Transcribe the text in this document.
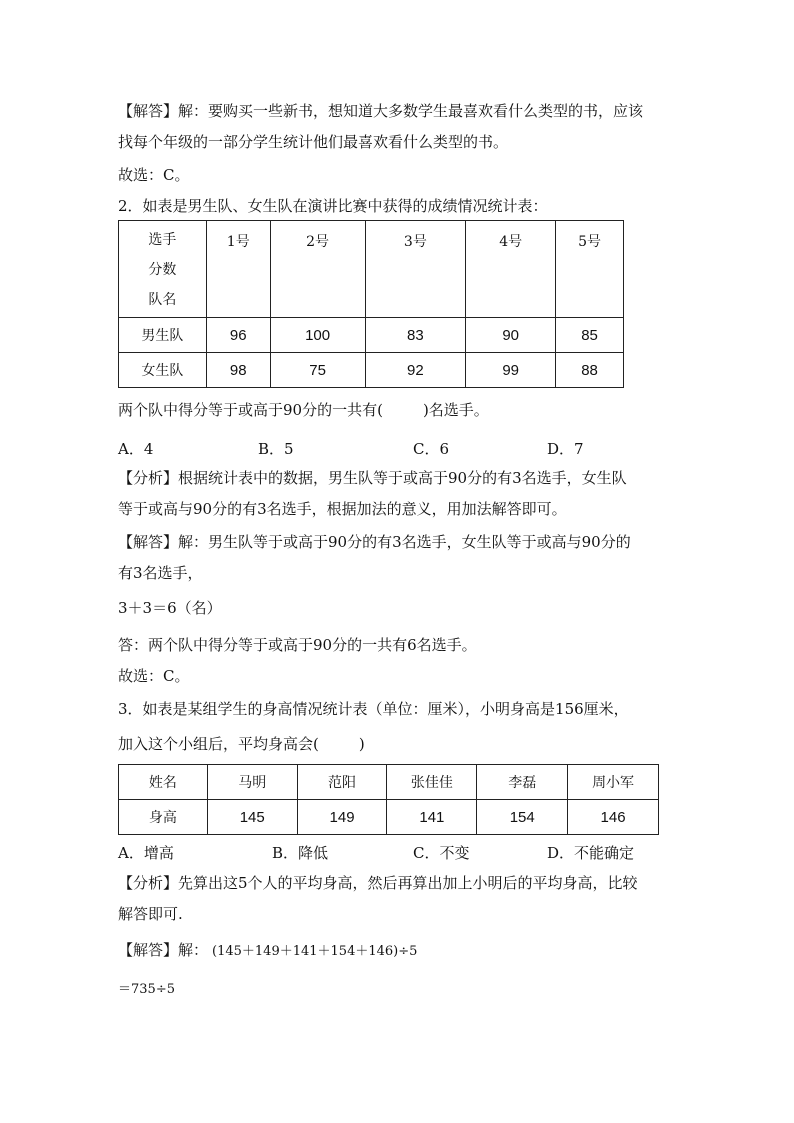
【解答】解：要购买一些新书，想知道大多数学生最喜欢看什么类型的书，应该
找每个年级的一部分学生统计他们最喜欢看什么类型的书。
故选：C。
2．如表是男生队、女生队在演讲比赛中获得的成绩情况统计表：
选手
分数
队名	1号	2号	3号	4号	5号
男生队	96	100	83	90	85
女生队	98	75	92	99	88
两个队中得分等于或高于90分的一共有(	)名选手。
A．4	B．5	C．6	D．7
【分析】根据统计表中的数据，男生队等于或高于90分的有3名选手，女生队
等于或高与90分的有3名选手，根据加法的意义，用加法解答即可。
【解答】解：男生队等于或高于90分的有3名选手，女生队等于或高与90分的
有3名选手，
3＋3＝6（名）
答：两个队中得分等于或高于90分的一共有6名选手。
故选：C。
3．如表是某组学生的身高情况统计表（单位：厘米），小明身高是156厘米，
加入这个小组后，平均身高会(	)
姓名	马明	范阳	张佳佳	李磊	周小军
身高	145	149	141	154	146
A．增高	B．降低	C．不变	D．不能确定
【分析】先算出这5个人的平均身高，然后再算出加上小明后的平均身高，比较
解答即可.
【解答】解： (145＋149＋141＋154＋146)÷5
＝735÷5
